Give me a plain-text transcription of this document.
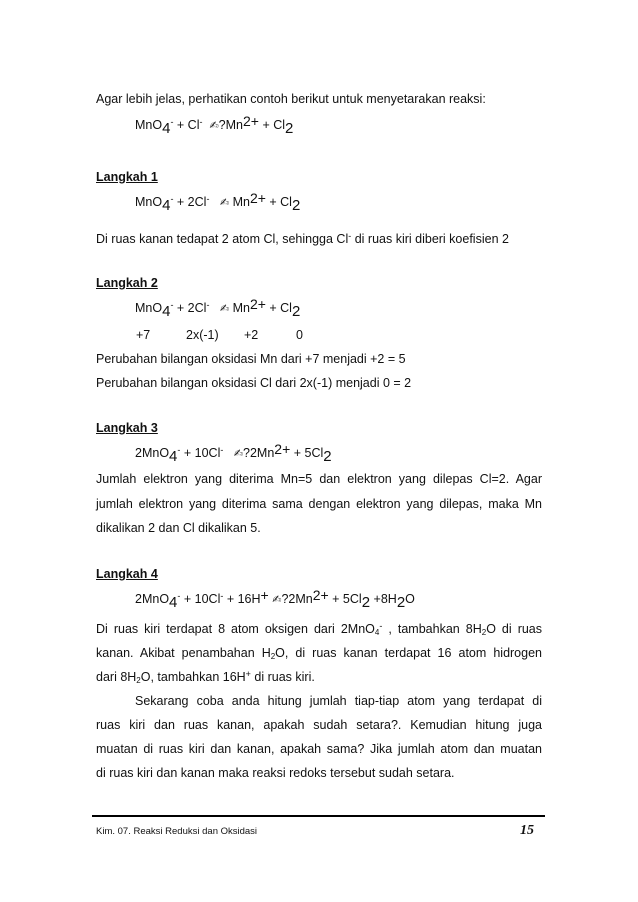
Agar lebih jelas, perhatikan contoh berikut untuk menyetarakan reaksi:
MnO$_4$- + Cl- $✍?Mn^{2+} + Cl_2$
Langkah 1
MnO$_4$- + 2Cl- ✍ $Mn^{2+} + Cl_2$
Di ruas kanan tedapat 2 atom Cl, sehingga Cl- di ruas kiri diberi koefisien 2
Langkah 2
MnO$_4$- + 2Cl- ✍ $Mn^{2+} + Cl_2$
+7	2x(-1) +2	0
Perubahan bilangan oksidasi Mn dari +7 menjadi +2 = 5
Perubahan bilangan oksidasi Cl dari 2x(-1) menjadi 0 = 2
Langkah 3
2MnO$_4$- + 10Cl- $✍?2Mn^{2+} + 5Cl_2$
Jumlah elektron yang diterima Mn=5 dan elektron yang dilepas Cl=2. Agar
jumlah elektron yang diterima sama dengan elektron yang dilepas, maka Mn
dikalikan 2 dan Cl dikalikan 5.
Langkah 4
2MnO$_4$- + 10Cl- + 16H+ $✍?2Mn^{2+} + 5Cl_2 +8H_2O$
Di ruas kiri terdapat 8 atom oksigen dari 2MnO$_4$- , tambahkan $8H_2O$ di ruas
kanan. Akibat penambahan $H_2O$, di ruas kanan terdapat 16 atom hidrogen
dari $8H_2O$, tambahkan 16H+ di ruas kiri.
Sekarang coba anda hitung jumlah tiap-tiap atom yang terdapat di
ruas kiri dan ruas kanan, apakah sudah setara?. Kemudian hitung juga
muatan di ruas kiri dan kanan, apakah sama? Jika jumlah atom dan muatan
di ruas kiri dan kanan maka reaksi redoks tersebut sudah setara.
Kim. 07. Reaksi Reduksi dan Oksidasi	15
